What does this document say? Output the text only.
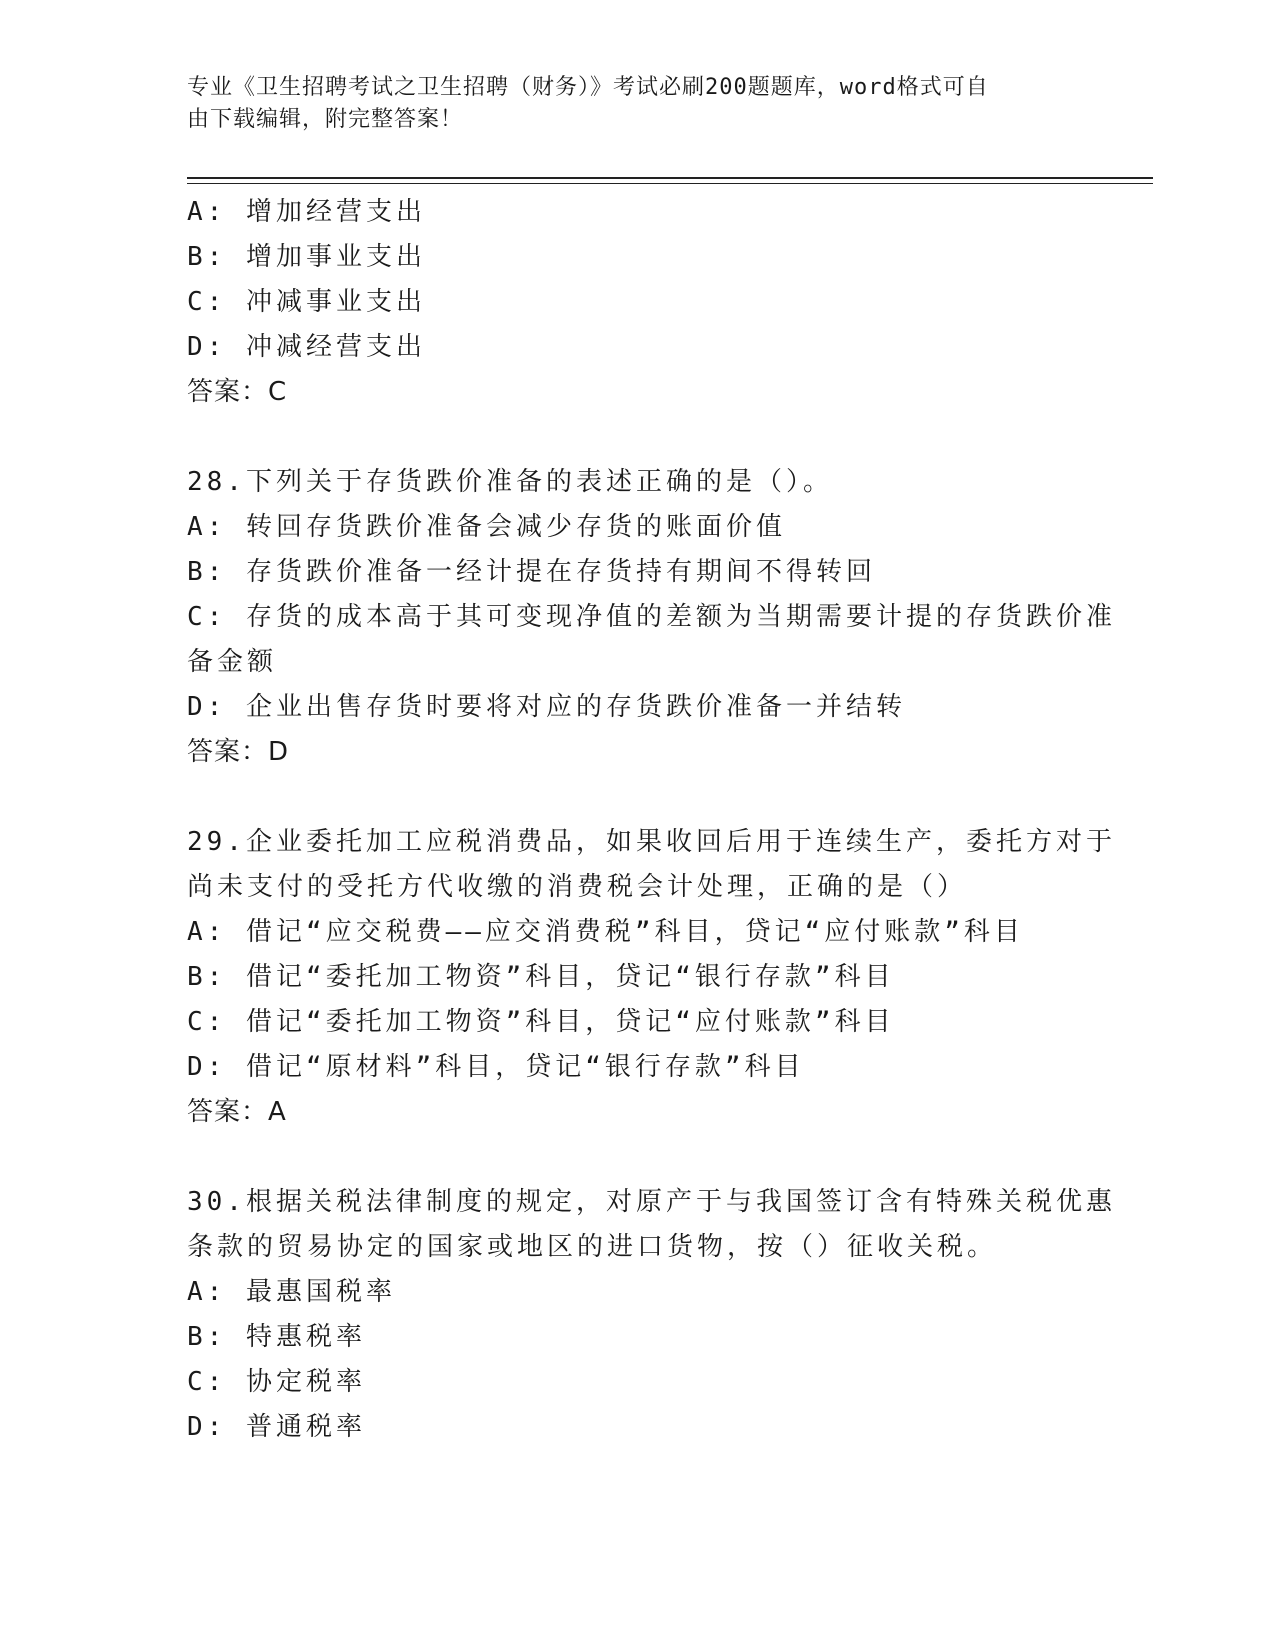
专业《卫生招聘考试之卫生招聘（财务）》考试必刷200题题库，word格式可自
由下载编辑，附完整答案！
A: 增加经营支出
B: 增加事业支出
C: 冲减事业支出
D: 冲减经营支出
答案：C
28.下列关于存货跌价准备的表述正确的是（）。
A: 转回存货跌价准备会减少存货的账面价值
B: 存货跌价准备一经计提在存货持有期间不得转回
C: 存货的成本高于其可变现净值的差额为当期需要计提的存货跌价准
备金额
D: 企业出售存货时要将对应的存货跌价准备一并结转
答案：D
29.企业委托加工应税消费品，如果收回后用于连续生产，委托方对于
尚未支付的受托方代收缴的消费税会计处理，正确的是（）
A: 借记“应交税费——应交消费税”科目，贷记“应付账款”科目
B: 借记“委托加工物资”科目，贷记“银行存款”科目
C: 借记“委托加工物资”科目，贷记“应付账款”科目
D: 借记“原材料”科目，贷记“银行存款”科目
答案：A
30.根据关税法律制度的规定，对原产于与我国签订含有特殊关税优惠
条款的贸易协定的国家或地区的进口货物，按（）征收关税。
A: 最惠国税率
B: 特惠税率
C: 协定税率
D: 普通税率
